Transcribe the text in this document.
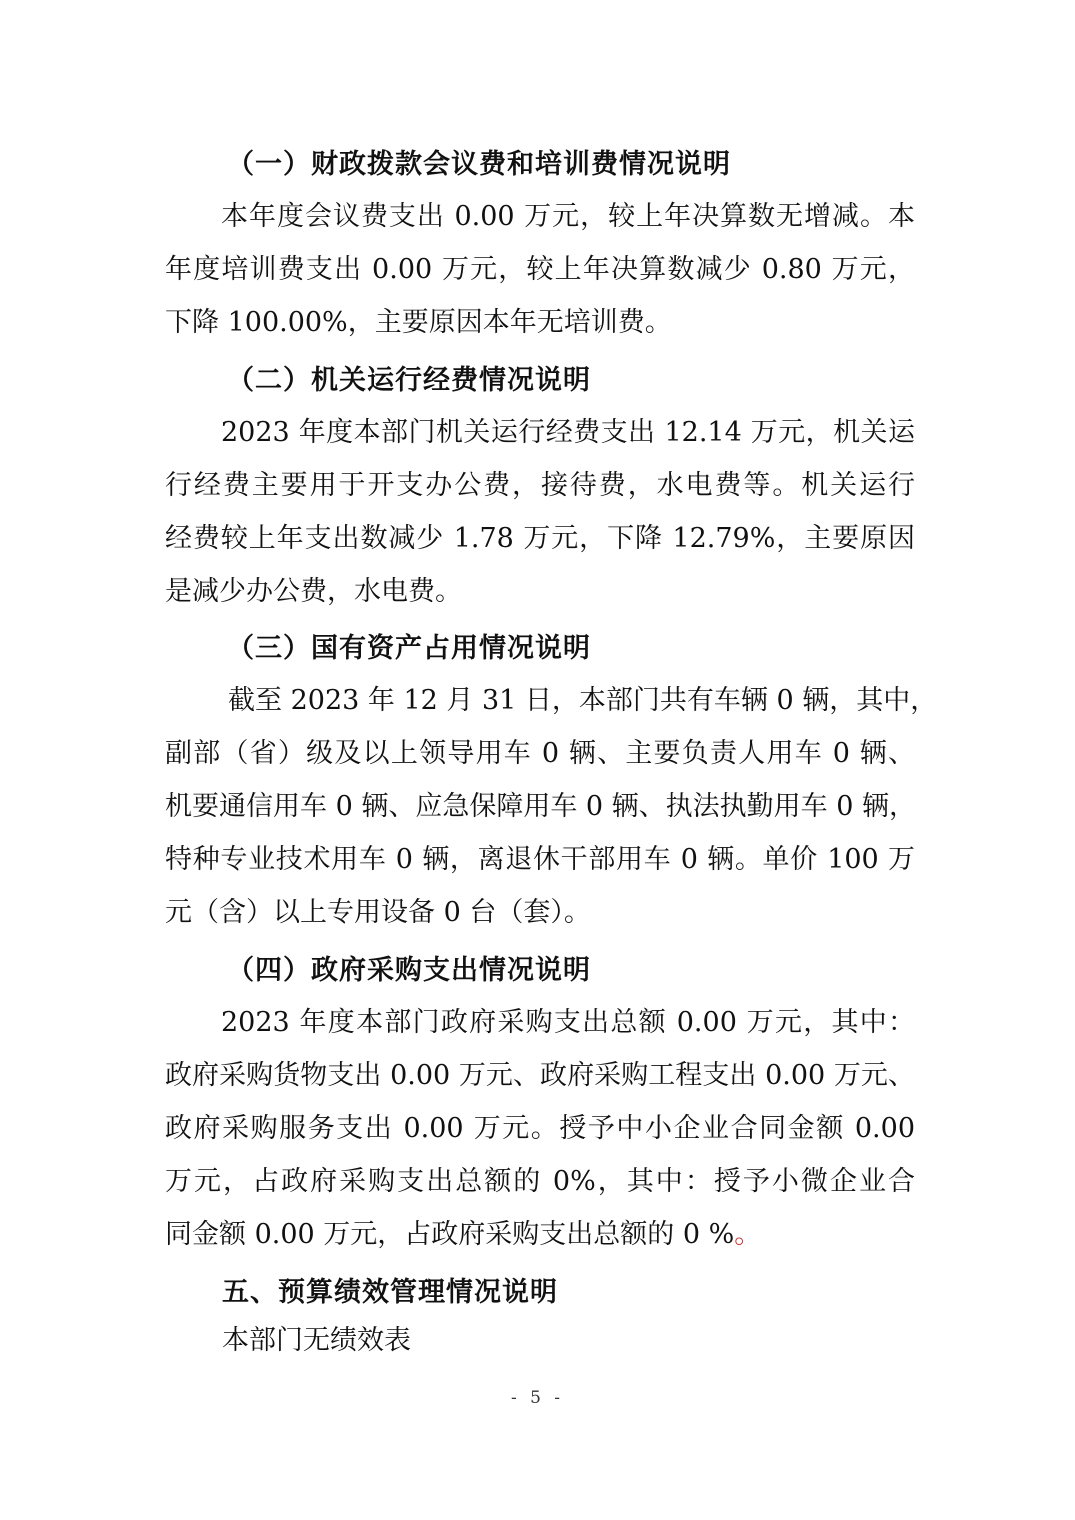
（一）财政拨款会议费和培训费情况说明
本年度会议费支出 0.00 万元，较上年决算数无增减。本
年度培训费支出 0.00 万元，较上年决算数减少 0.80 万元，
下降 100.00%，主要原因本年无培训费。
（二）机关运行经费情况说明
2023 年度本部门机关运行经费支出 12.14 万元，机关运
行经费主要用于开支办公费，接待费，水电费等。机关运行
经费较上年支出数减少 1.78 万元，下降 12.79%，主要原因
是减少办公费，水电费。
（三）国有资产占用情况说明
截至 2023 年 12 月 31 日，本部门共有车辆 0 辆，其中，
副部（省）级及以上领导用车 0 辆、主要负责人用车 0 辆、
机要通信用车 0 辆、应急保障用车 0 辆、执法执勤用车 0 辆，
特种专业技术用车 0 辆，离退休干部用车 0 辆。单价 100 万
元（含）以上专用设备 0 台（套）。
（四）政府采购支出情况说明
2023 年度本部门政府采购支出总额 0.00 万元，其中：
政府采购货物支出 0.00 万元、政府采购工程支出 0.00 万元、
政府采购服务支出 0.00 万元。授予中小企业合同金额 0.00
万元，占政府采购支出总额的 0%，其中：授予小微企业合
同金额 0.00 万元，占政府采购支出总额的 0 %。
五、预算绩效管理情况说明
本部门无绩效表
- 5 -
